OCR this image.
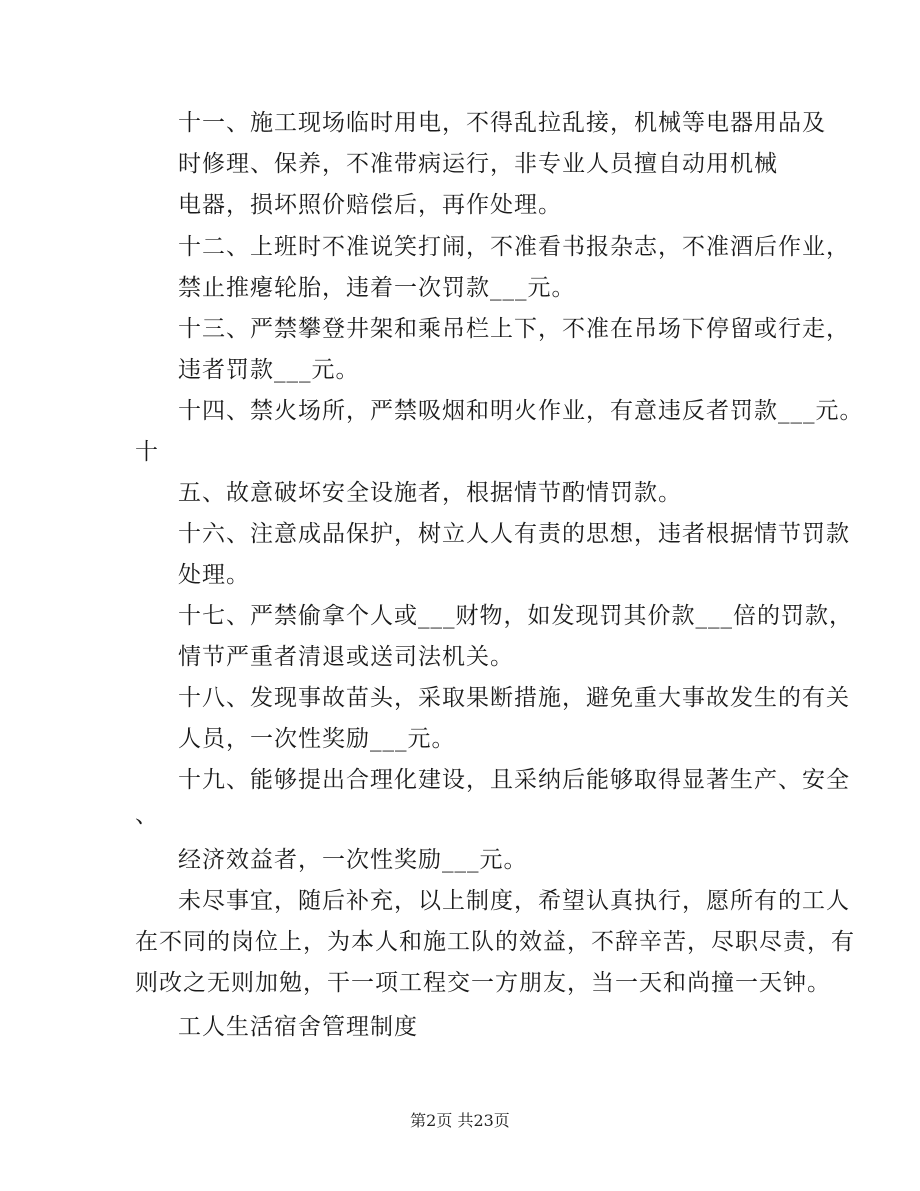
十一、施工现场临时用电，不得乱拉乱接，机械等电器用品及
时修理、保养，不准带病运行，非专业人员擅自动用机械
电器，损坏照价赔偿后，再作处理。
十二、上班时不准说笑打闹，不准看书报杂志，不准酒后作业，
禁止推瘪轮胎，违着一次罚款___元。
十三、严禁攀登井架和乘吊栏上下，不准在吊场下停留或行走，
违者罚款___元。
十四、禁火场所，严禁吸烟和明火作业，有意违反者罚款___元。
十
五、故意破坏安全设施者，根据情节酌情罚款。
十六、注意成品保护，树立人人有责的思想，违者根据情节罚款
处理。
十七、严禁偷拿个人或___财物，如发现罚其价款___倍的罚款，
情节严重者清退或送司法机关。
十八、发现事故苗头，采取果断措施，避免重大事故发生的有关
人员，一次性奖励___元。
十九、能够提出合理化建设，且采纳后能够取得显著生产、安全
、
经济效益者，一次性奖励___元。
未尽事宜，随后补充，以上制度，希望认真执行，愿所有的工人
在不同的岗位上，为本人和施工队的效益，不辞辛苦，尽职尽责，有
则改之无则加勉，干一项工程交一方朋友，当一天和尚撞一天钟。
工人生活宿舍管理制度
第2页 共23页
